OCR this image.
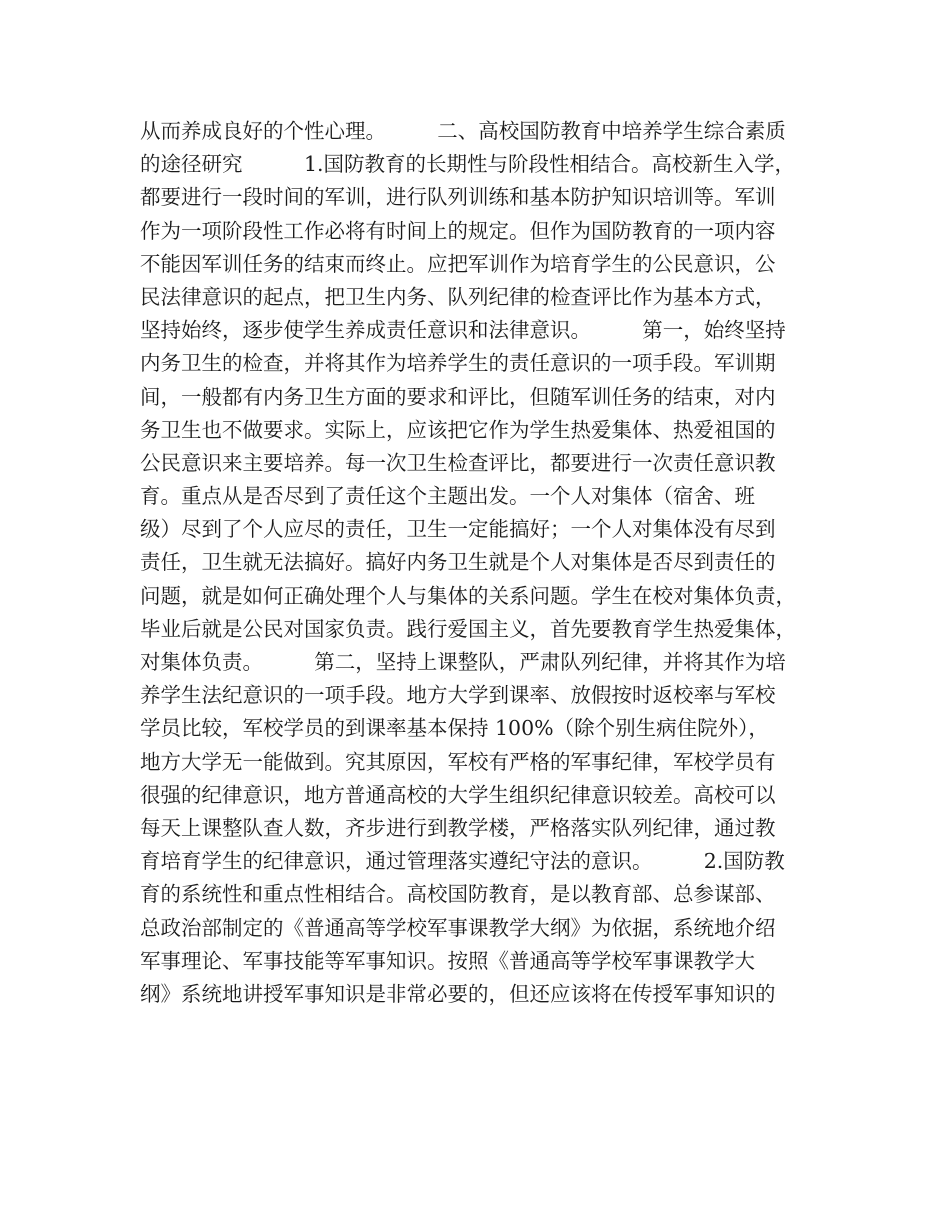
从而养成良好的个性心理。　　　二、高校国防教育中培养学生综合素质
的途径研究　　　1.国防教育的长期性与阶段性相结合。高校新生入学，
都要进行一段时间的军训，进行队列训练和基本防护知识培训等。军训
作为一项阶段性工作必将有时间上的规定。但作为国防教育的一项内容
不能因军训任务的结束而终止。应把军训作为培育学生的公民意识，公
民法律意识的起点，把卫生内务、队列纪律的检查评比作为基本方式，
坚持始终，逐步使学生养成责任意识和法律意识。　　　第一，始终坚持
内务卫生的检查，并将其作为培养学生的责任意识的一项手段。军训期
间，一般都有内务卫生方面的要求和评比，但随军训任务的结束，对内
务卫生也不做要求。实际上，应该把它作为学生热爱集体、热爱祖国的
公民意识来主要培养。每一次卫生检查评比，都要进行一次责任意识教
育。重点从是否尽到了责任这个主题出发。一个人对集体（宿舍、班
级）尽到了个人应尽的责任，卫生一定能搞好；一个人对集体没有尽到
责任，卫生就无法搞好。搞好内务卫生就是个人对集体是否尽到责任的
问题，就是如何正确处理个人与集体的关系问题。学生在校对集体负责，
毕业后就是公民对国家负责。践行爱国主义，首先要教育学生热爱集体，
对集体负责。　　　第二，坚持上课整队，严肃队列纪律，并将其作为培
养学生法纪意识的一项手段。地方大学到课率、放假按时返校率与军校
学员比较，军校学员的到课率基本保持 100%（除个别生病住院外），
地方大学无一能做到。究其原因，军校有严格的军事纪律，军校学员有
很强的纪律意识，地方普通高校的大学生组织纪律意识较差。高校可以
每天上课整队查人数，齐步进行到教学楼，严格落实队列纪律，通过教
育培育学生的纪律意识，通过管理落实遵纪守法的意识。　　　2.国防教
育的系统性和重点性相结合。高校国防教育，是以教育部、总参谋部、
总政治部制定的《普通高等学校军事课教学大纲》为依据，系统地介绍
军事理论、军事技能等军事知识。按照《普通高等学校军事课教学大
纲》系统地讲授军事知识是非常必要的，但还应该将在传授军事知识的
